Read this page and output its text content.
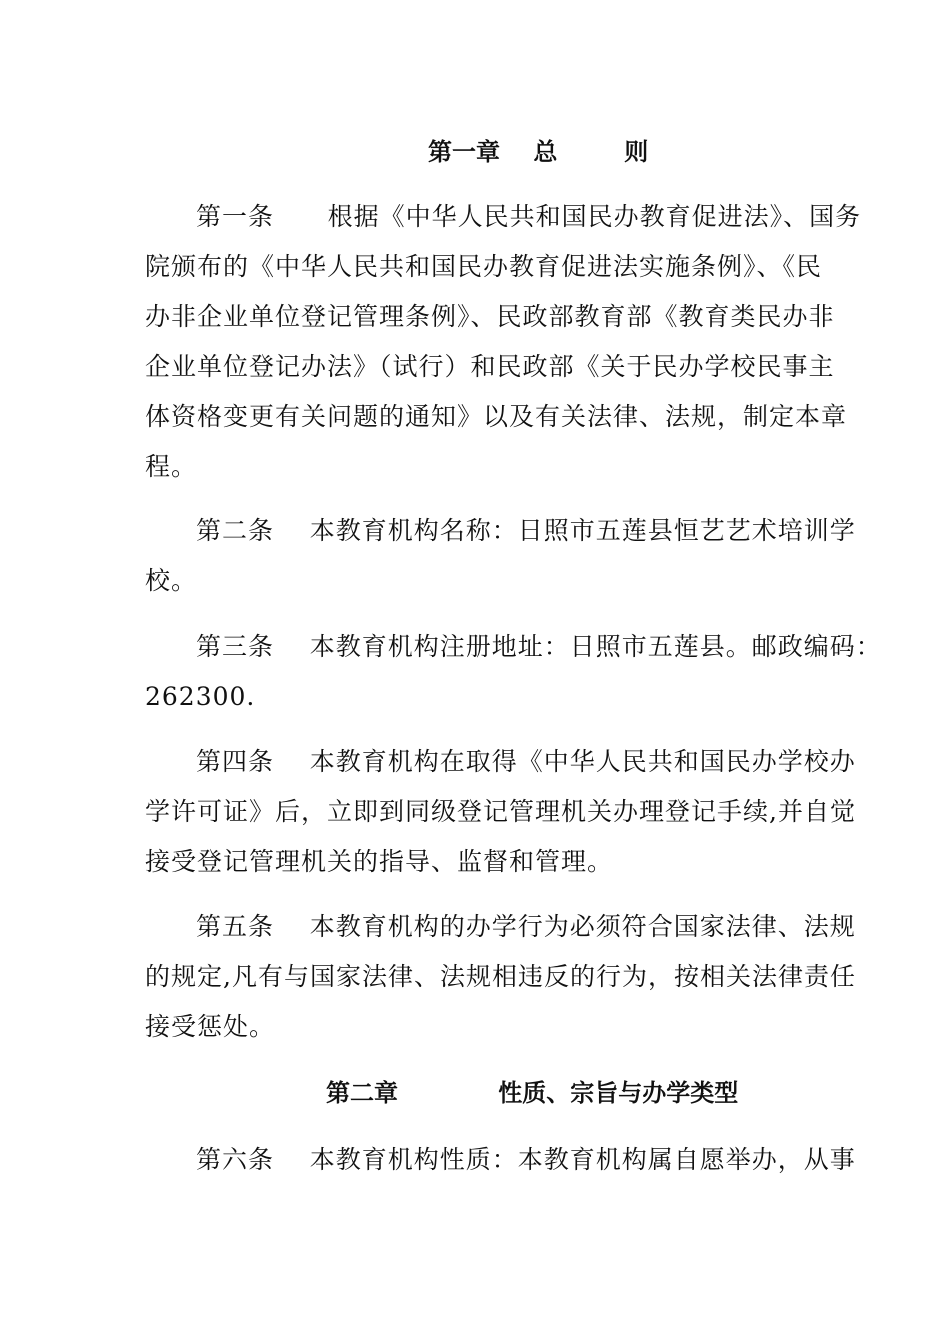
第一章    总        则

第一条      根据《中华人民共和国民办教育促进法》、国务

院颁布的《中华人民共和国民办教育促进法实施条例》、《民

办非企业单位登记管理条例》、民政部教育部《教育类民办非

企业单位登记办法》（试行）和民政部《关于民办学校民事主

体资格变更有关问题的通知》以及有关法律、法规，制定本章

程。

第二条    本教育机构名称：日照市五莲县恒艺艺术培训学

校。

第三条    本教育机构注册地址：日照市五莲县。邮政编码：

262300.

第四条    本教育机构在取得《中华人民共和国民办学校办

学许可证》后，立即到同级登记管理机关办理登记手续,并自觉

接受登记管理机关的指导、监督和管理。

第五条    本教育机构的办学行为必须符合国家法律、法规

的规定,凡有与国家法律、法规相违反的行为，按相关法律责任

接受惩处。

第二章            性质、宗旨与办学类型

第六条    本教育机构性质：本教育机构属自愿举办，从事
